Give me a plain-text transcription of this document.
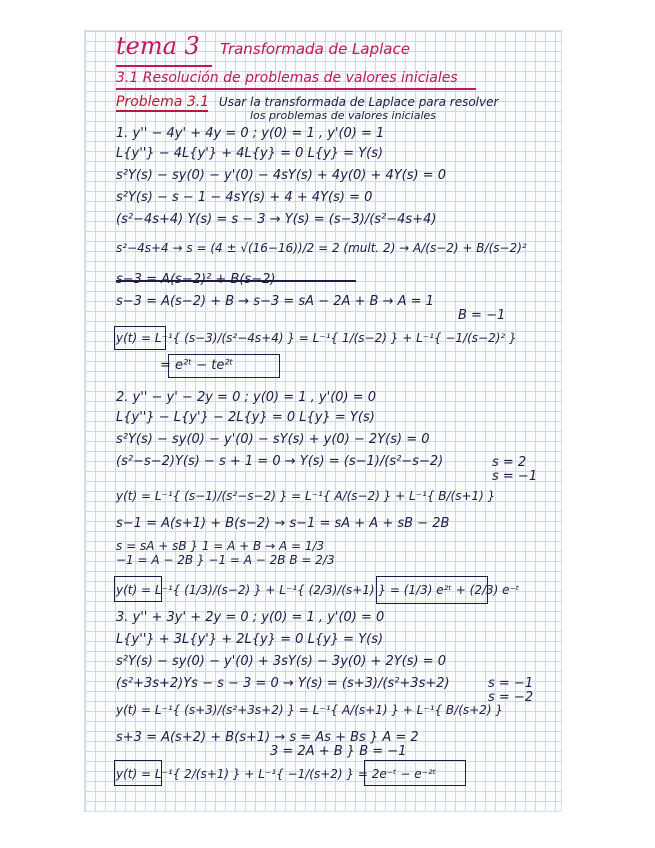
tema 3 Transformada de Laplace
3.1 Resolución de problemas de valores iniciales
Problema 3.1 Usar la transformada de Laplace para resolver
los problemas de valores iniciales
1. y'' − 4y' + 4y = 0 ; y(0) = 1 , y'(0) = 1
L{y''} − 4L{y'} + 4L{y} = 0 L{y} = Y(s)
s²Y(s) − sy(0) − y'(0) − 4sY(s) + 4y(0) + 4Y(s) = 0
s²Y(s) − s − 1 − 4sY(s) + 4 + 4Y(s) = 0
(s²−4s+4) Y(s) = s − 3 → Y(s) = (s−3)/(s²−4s+4)
s²−4s+4 → s = (4 ± √(16−16))/2 = 2 (mult. 2) → A/(s−2) + B/(s−2)²
s−3 = A(s−2) + B → s−3 = sA − 2A + B → A = 1
B = −1
y(t) = L⁻¹{ (s−3)/(s²−4s+4) } = L⁻¹{ 1/(s−2) } + L⁻¹{ −1/(s−2)² }
= e²ᵗ − te²ᵗ
2. y'' − y' − 2y = 0 ; y(0) = 1 , y'(0) = 0
L{y''} − L{y'} − 2L{y} = 0 L{y} = Y(s)
s²Y(s) − sy(0) − y'(0) − sY(s) + y(0) − 2Y(s) = 0
(s²−s−2)Y(s) − s + 1 = 0 → Y(s) = (s−1)/(s²−s−2)	s = 2
s = −1
y(t) = L⁻¹{ (s−1)/(s²−s−2) } = L⁻¹{ A/(s−2) } + L⁻¹{ B/(s+1) }
s−1 = A(s+1) + B(s−2) → s−1 = sA + A + sB − 2B
s = sA + sB } 1 = A + B → A = 1/3
−1 = A − 2B } −1 = A − 2B B = 2/3
y(t) = L⁻¹{ (1/3)/(s−2) } + L⁻¹{ (2/3)/(s+1) } = (1/3) e²ᵗ + (2/3) e⁻ᵗ
3. y'' + 3y' + 2y = 0 ; y(0) = 1 , y'(0) = 0
L{y''} + 3L{y'} + 2L{y} = 0 L{y} = Y(s)
s²Y(s) − sy(0) − y'(0) + 3sY(s) − 3y(0) + 2Y(s) = 0
(s²+3s+2)Ys − s − 3 = 0 → Y(s) = (s+3)/(s²+3s+2)	s = −1
s = −2
y(t) = L⁻¹{ (s+3)/(s²+3s+2) } = L⁻¹{ A/(s+1) } + L⁻¹{ B/(s+2) }
s+3 = A(s+2) + B(s+1) → s = As + Bs } A = 2
3 = 2A + B } B = −1
y(t) = L⁻¹{ 2/(s+1) } + L⁻¹{ −1/(s+2) } = 2e⁻ᵗ − e⁻²ᵗ
